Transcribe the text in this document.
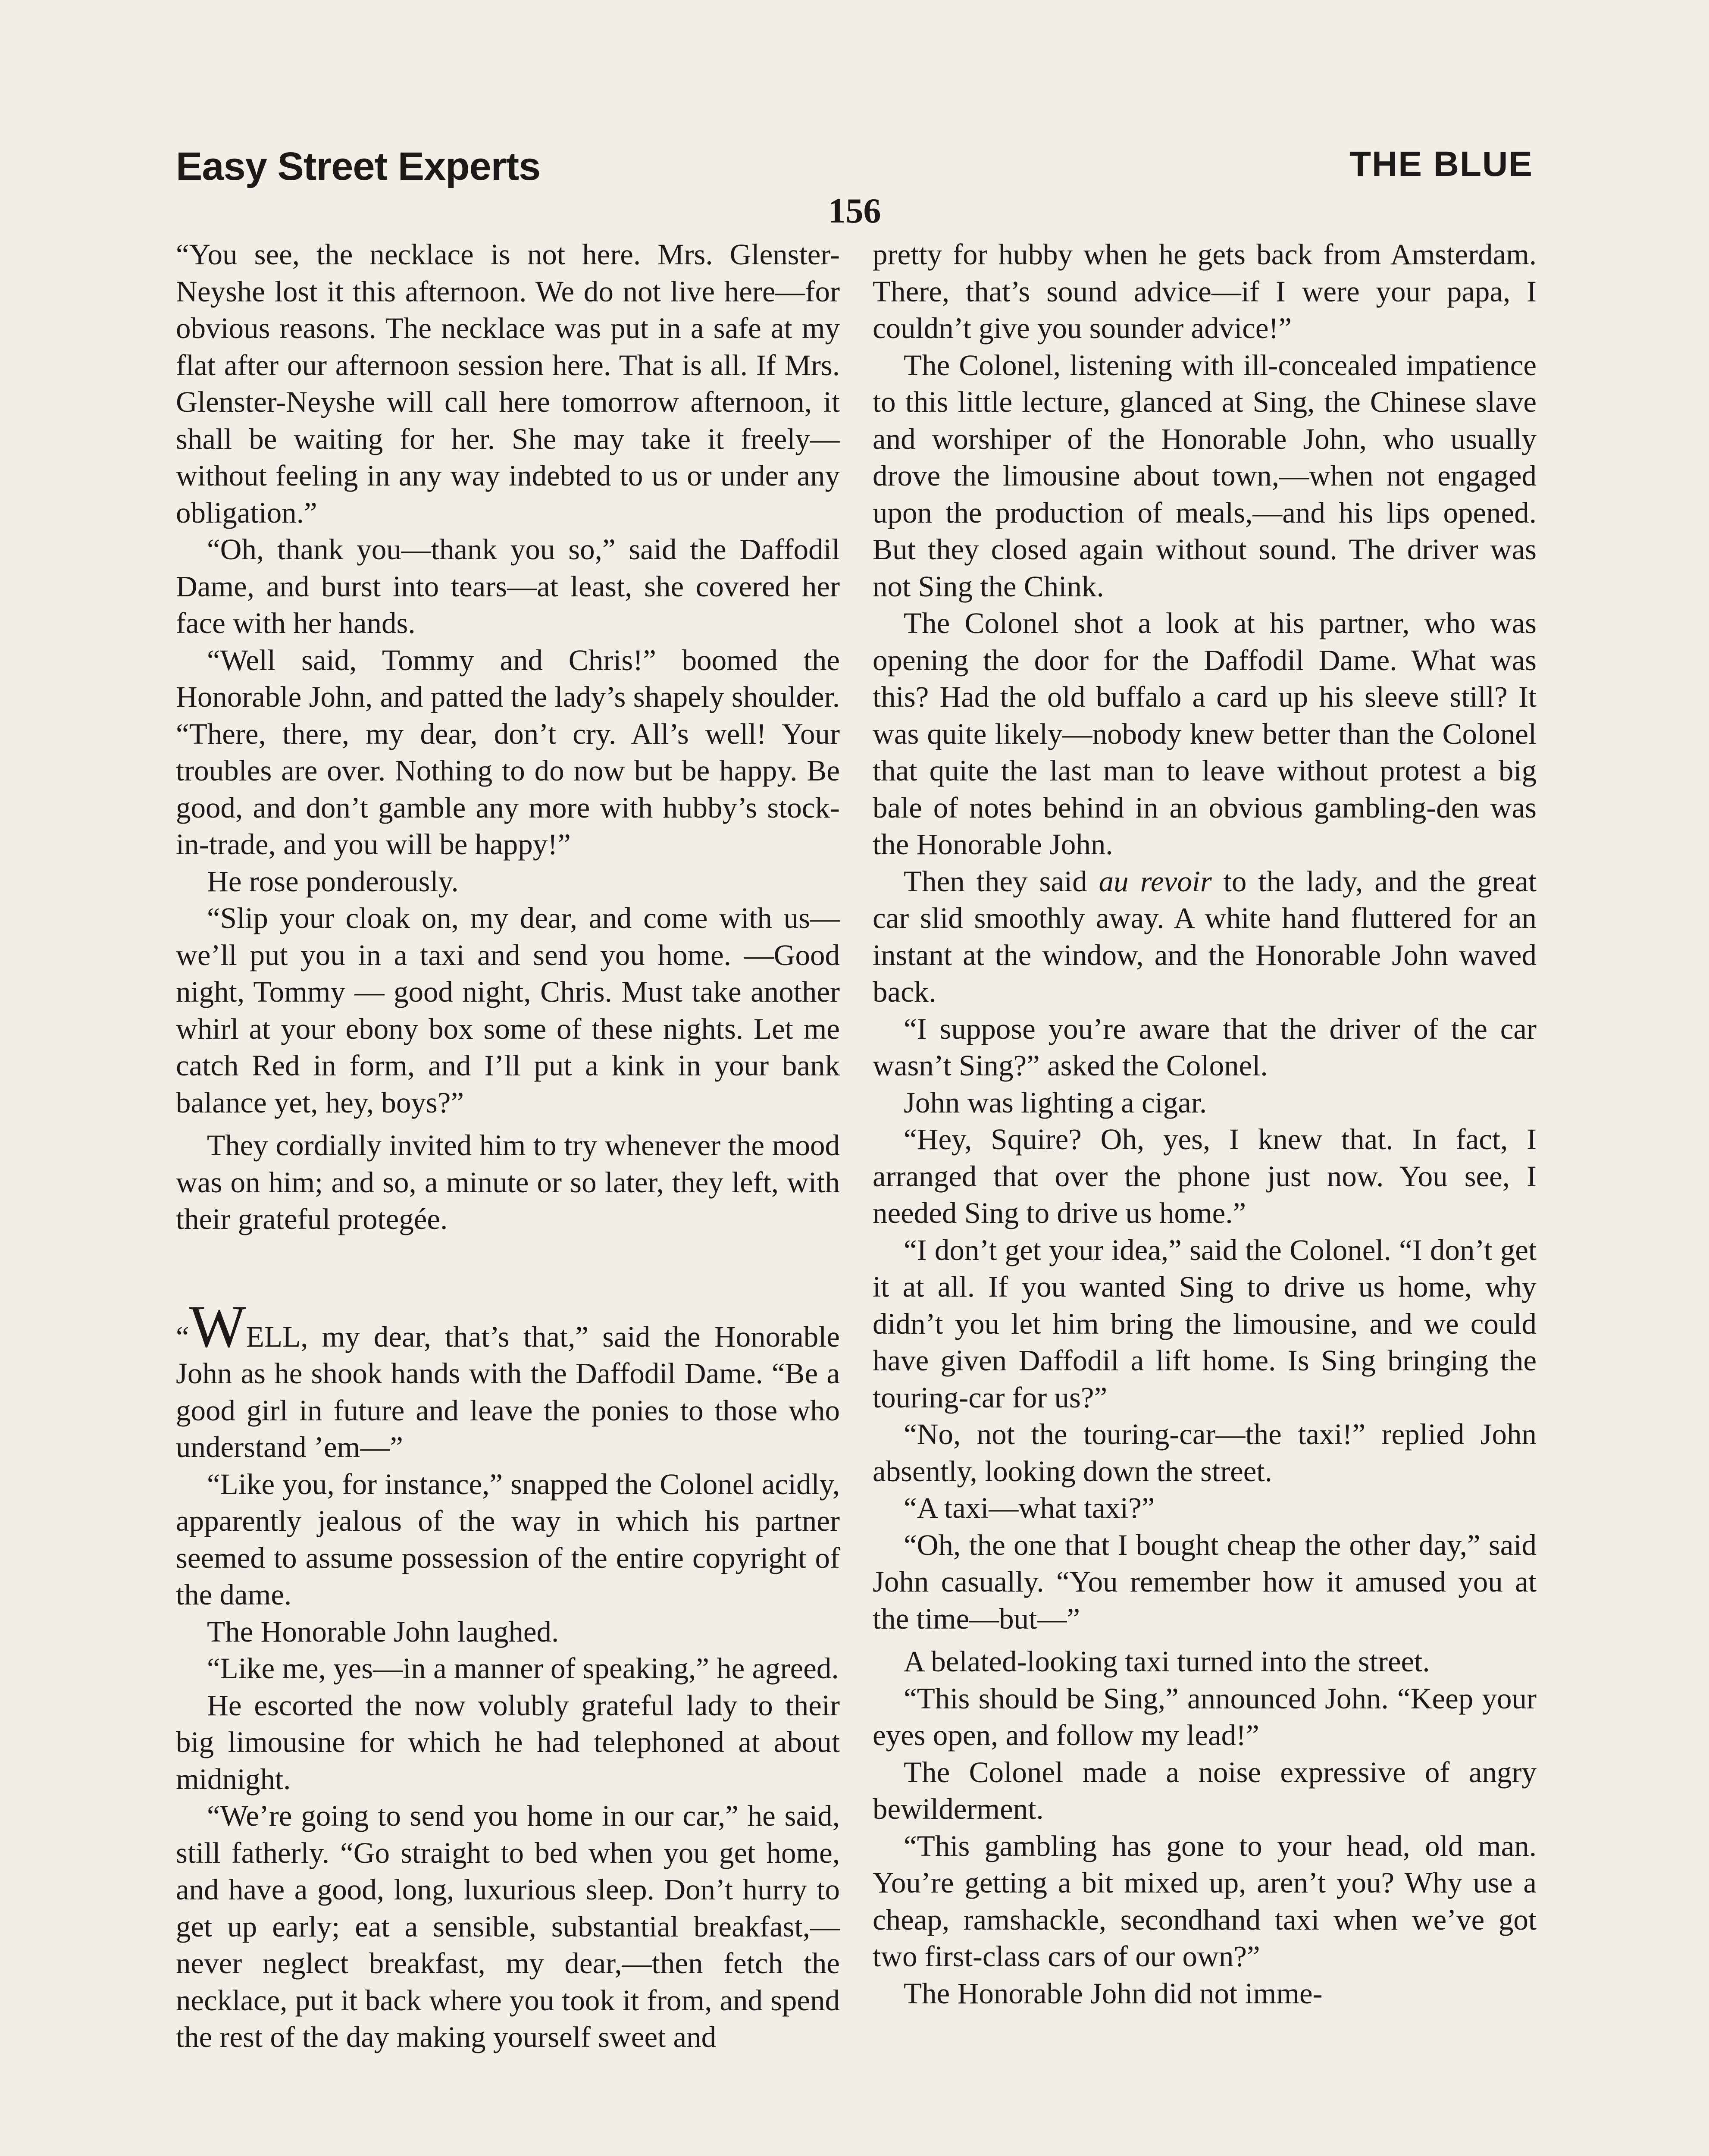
Easy Street Experts	THE BLUE
156

“You see, the necklace is not here. Mrs. Glenster-Neyshe lost it this afternoon. We do not live here—for obvious reasons. The necklace was put in a safe at my flat after our afternoon session here. That is all. If Mrs. Glenster-Neyshe will call here tomorrow afternoon, it shall be waiting for her. She may take it freely—without feeling in any way indebted to us or under any obligation.”

“Oh, thank you—thank you so,” said the Daffodil Dame, and burst into tears—at least, she covered her face with her hands.

“Well said, Tommy and Chris!” boomed the Honorable John, and patted the lady’s shapely shoulder. “There, there, my dear, don’t cry. All’s well! Your troubles are over. Nothing to do now but be happy. Be good, and don’t gamble any more with hubby’s stock-in-trade, and you will be happy!”

He rose ponderously.

“Slip your cloak on, my dear, and come with us—we’ll put you in a taxi and send you home. —Good night, Tommy — good night, Chris. Must take another whirl at your ebony box some of these nights. Let me catch Red in form, and I’ll put a kink in your bank balance yet, hey, boys?”

They cordially invited him to try whenever the mood was on him; and so, a minute or so later, they left, with their grateful protegée.

“WELL, my dear, that’s that,” said the Honorable John as he shook hands with the Daffodil Dame. “Be a good girl in future and leave the ponies to those who understand ’em—”

“Like you, for instance,” snapped the Colonel acidly, apparently jealous of the way in which his partner seemed to assume possession of the entire copyright of the dame.

The Honorable John laughed.

“Like me, yes—in a manner of speaking,” he agreed.

He escorted the now volubly grateful lady to their big limousine for which he had telephoned at about midnight.

“We’re going to send you home in our car,” he said, still fatherly. “Go straight to bed when you get home, and have a good, long, luxurious sleep. Don’t hurry to get up early; eat a sensible, substantial breakfast,—never neglect breakfast, my dear,—then fetch the necklace, put it back where you took it from, and spend the rest of the day making yourself sweet and

pretty for hubby when he gets back from Amsterdam. There, that’s sound advice—if I were your papa, I couldn’t give you sounder advice!”

The Colonel, listening with ill-concealed impatience to this little lecture, glanced at Sing, the Chinese slave and worshiper of the Honorable John, who usually drove the limousine about town,—when not engaged upon the production of meals,—and his lips opened. But they closed again without sound. The driver was not Sing the Chink.

The Colonel shot a look at his partner, who was opening the door for the Daffodil Dame. What was this? Had the old buffalo a card up his sleeve still? It was quite likely—nobody knew better than the Colonel that quite the last man to leave without protest a big bale of notes behind in an obvious gambling-den was the Honorable John.

Then they said au revoir to the lady, and the great car slid smoothly away. A white hand fluttered for an instant at the window, and the Honorable John waved back.

“I suppose you’re aware that the driver of the car wasn’t Sing?” asked the Colonel.

John was lighting a cigar.

“Hey, Squire? Oh, yes, I knew that. In fact, I arranged that over the phone just now. You see, I needed Sing to drive us home.”

“I don’t get your idea,” said the Colonel. “I don’t get it at all. If you wanted Sing to drive us home, why didn’t you let him bring the limousine, and we could have given Daffodil a lift home. Is Sing bringing the touring-car for us?”

“No, not the touring-car—the taxi!” replied John absently, looking down the street.

“A taxi—what taxi?”

“Oh, the one that I bought cheap the other day,” said John casually. “You remember how it amused you at the time—but—”

A belated-looking taxi turned into the street.

“This should be Sing,” announced John. “Keep your eyes open, and follow my lead!”

The Colonel made a noise expressive of angry bewilderment.

“This gambling has gone to your head, old man. You’re getting a bit mixed up, aren’t you? Why use a cheap, ramshackle, secondhand taxi when we’ve got two first-class cars of our own?”

The Honorable John did not imme-
